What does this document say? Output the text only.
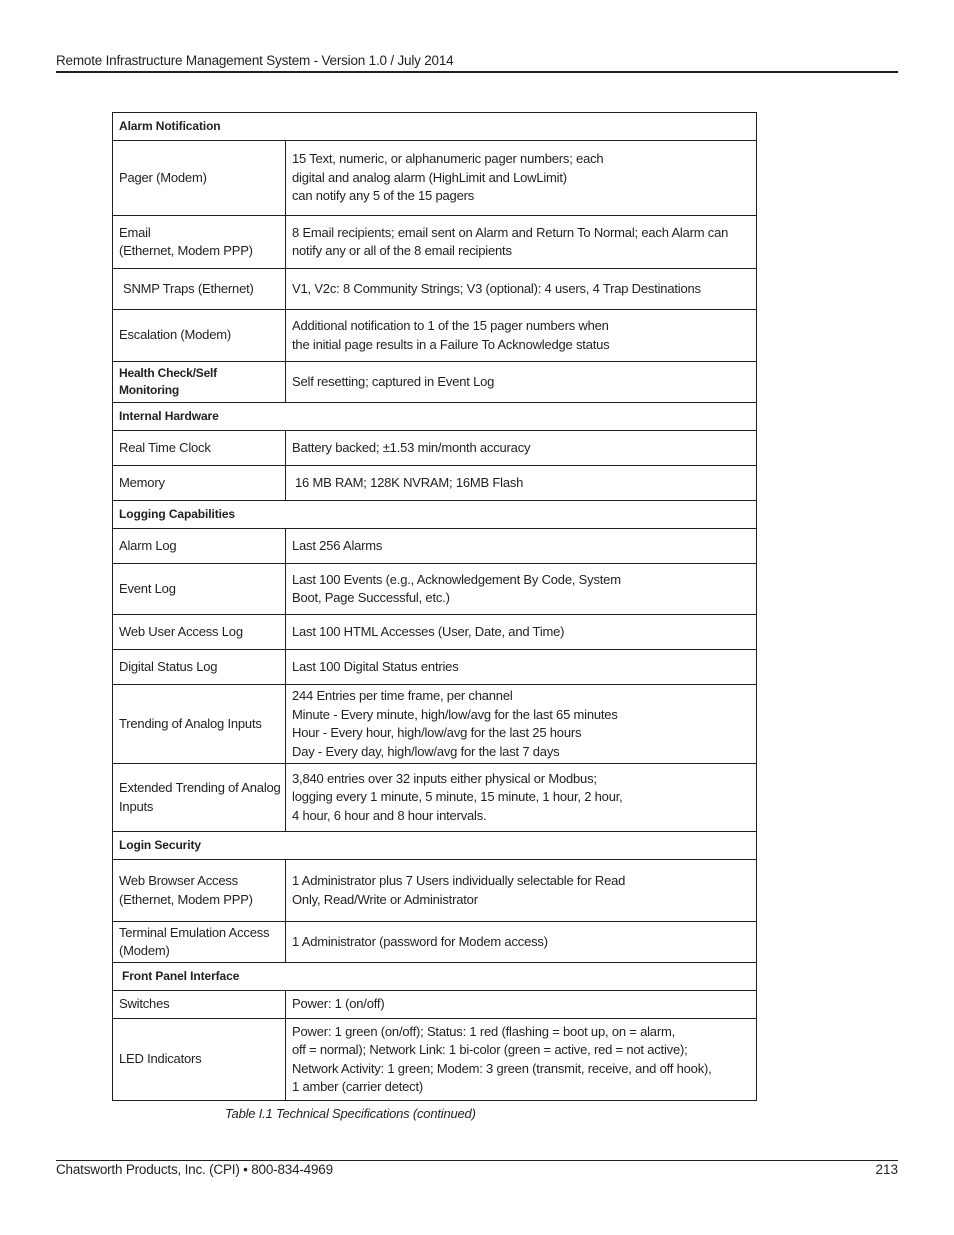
Remote Infrastructure Management System - Version 1.0 / July 2014
Alarm Notification	
Pager (Modem)	15 Text, numeric, or alphanumeric pager numbers; each
digital and analog alarm (HighLimit and LowLimit)
can notify any 5 of the 15 pagers

Email
(Ethernet, Modem PPP)	8 Email recipients; email sent on Alarm and Return To Normal; each Alarm can
notify any or all of the 8 email recipients

SNMP Traps (Ethernet)	V1, V2c: 8 Community Strings; V3 (optional): 4 users, 4 Trap Destinations
Escalation (Modem)	Additional notification to 1 of the 15 pager numbers when
the initial page results in a Failure To Acknowledge status

Health Check/Self
Monitoring	Self resetting; captured in Event Log
Internal Hardware	
Real Time Clock	Battery backed; ±1.53 min/month accuracy
Memory	16 MB RAM; 128K NVRAM; 16MB Flash
Logging Capabilities	
Alarm Log	Last 256 Alarms
Event Log	Last 100 Events (e.g., Acknowledgement By Code, System
Boot, Page Successful, etc.)

Web User Access Log	Last 100 HTML Accesses (User, Date, and Time)
Digital Status Log	Last 100 Digital Status entries
Trending of Analog Inputs	244 Entries per time frame, per channel
Minute - Every minute, high/low/avg for the last 65 minutes
Hour - Every hour, high/low/avg for the last 25 hours
Day - Every day, high/low/avg for the last 7 days

Extended Trending of Analog
Inputs	3,840 entries over 32 inputs either physical or Modbus;
logging every 1 minute, 5 minute, 15 minute, 1 hour, 2 hour,
4 hour, 6 hour and 8 hour intervals.

Login Security	

Web Browser Access
(Ethernet, Modem PPP)	1 Administrator plus 7 Users individually selectable for Read
Only, Read/Write or Administrator

Terminal Emulation Access
(Modem)	1 Administrator (password for Modem access)
Front Panel Interface	
Switches	Power: 1 (on/off)
LED Indicators	Power: 1 green (on/off); Status: 1 red (flashing = boot up, on = alarm,
off = normal); Network Link: 1 bi-color (green = active, red = not active);
Network Activity: 1 green; Modem: 3 green (transmit, receive, and off hook),
1 amber (carrier detect)
Table I.1 Technical Specifications (continued)
Chatsworth Products, Inc. (CPI) • 800-834-4969	213
